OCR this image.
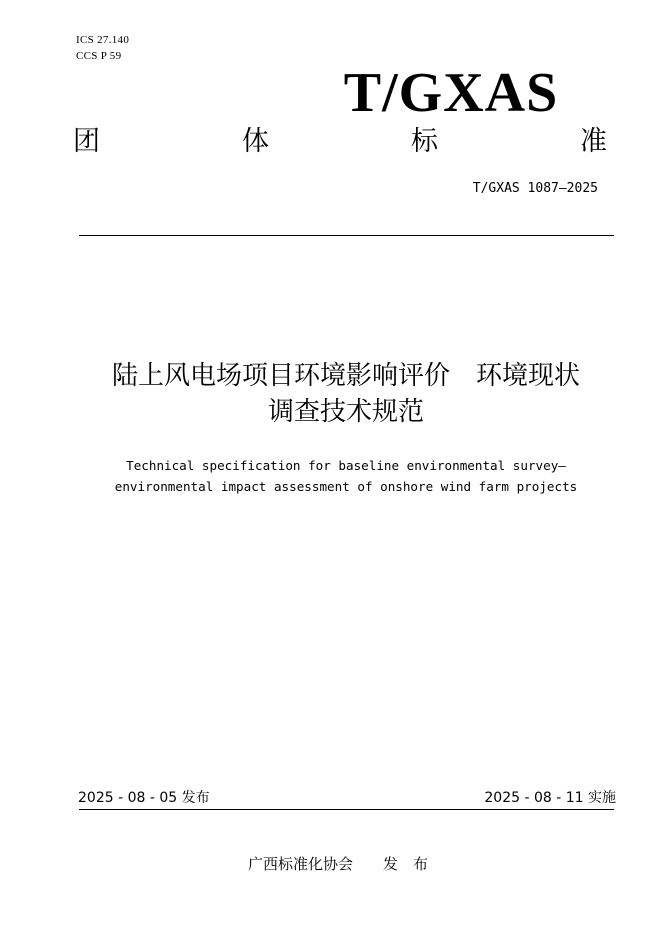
ICS 27.140
CCS P 59
T/GXAS
团	体	标	准
T/GXAS 1087—2025
陆上风电场项目环境影响评价　环境现状
调查技术规范
Technical specification for baseline environmental survey—
environmental impact assessment of onshore wind farm projects
2025 - 08 - 05 发布	2025 - 08 - 11 实施
广西标准化协会　　发　布
